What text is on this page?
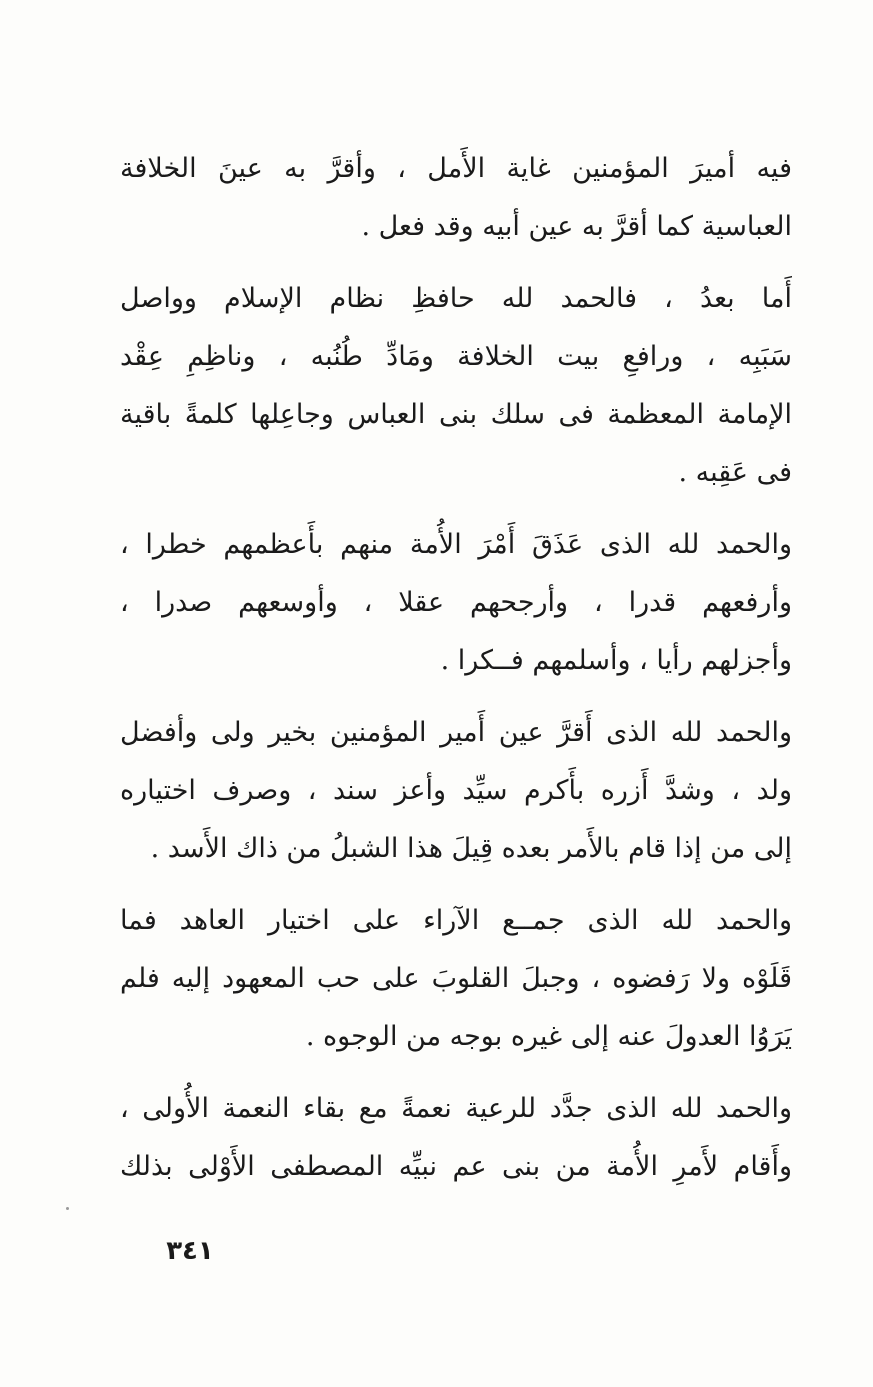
فيه أميرَ المؤمنين غاية الأَمل ، وأقرَّ به عينَ الخلافة
العباسية كما أقرَّ به عين أبيه وقد فعل .
أَما بعدُ ، فالحمد لله حافظِ نظام الإسلام وواصل
سَبَبِه ، ورافعِ بيت الخلافة ومَادِّ طُنُبه ، وناظِمِ عِقْد
الإمامة المعظمة فى سلك بنى العباس وجاعِلها كلمةً باقية
فى عَقِبه .
والحمد لله الذى عَذَقَ أَمْرَ الأُمة منهم بأَعظمهم خطرا ،
وأرفعهم قدرا ، وأرجحهم عقلا ، وأوسعهم صدرا ،
وأجزلهم رأيا ، وأسلمهم فــكرا .
والحمد لله الذى أَقرَّ عين أَمير المؤمنين بخير ولى وأفضل
ولد ، وشدَّ أَزره بأَكرم سيِّد وأعز سند ، وصرف اختياره
إلى من إذا قام بالأَمر بعده قِيلَ هذا الشبلُ من ذاك الأَسد .
والحمد لله الذى جمــع الآراء على اختيار العاهد فما
قَلَوْه ولا رَفضوه ، وجبلَ القلوبَ على حب المعهود إليه فلم
يَرَوُا العدولَ عنه إلى غيره بوجه من الوجوه .
والحمد لله الذى جدَّد للرعية نعمةً مع بقاء النعمة الأُولى ،
وأَقام لأَمرِ الأُمة من بنى عم نبيِّه المصطفى الأَوْلى بذلك
٣٤١
